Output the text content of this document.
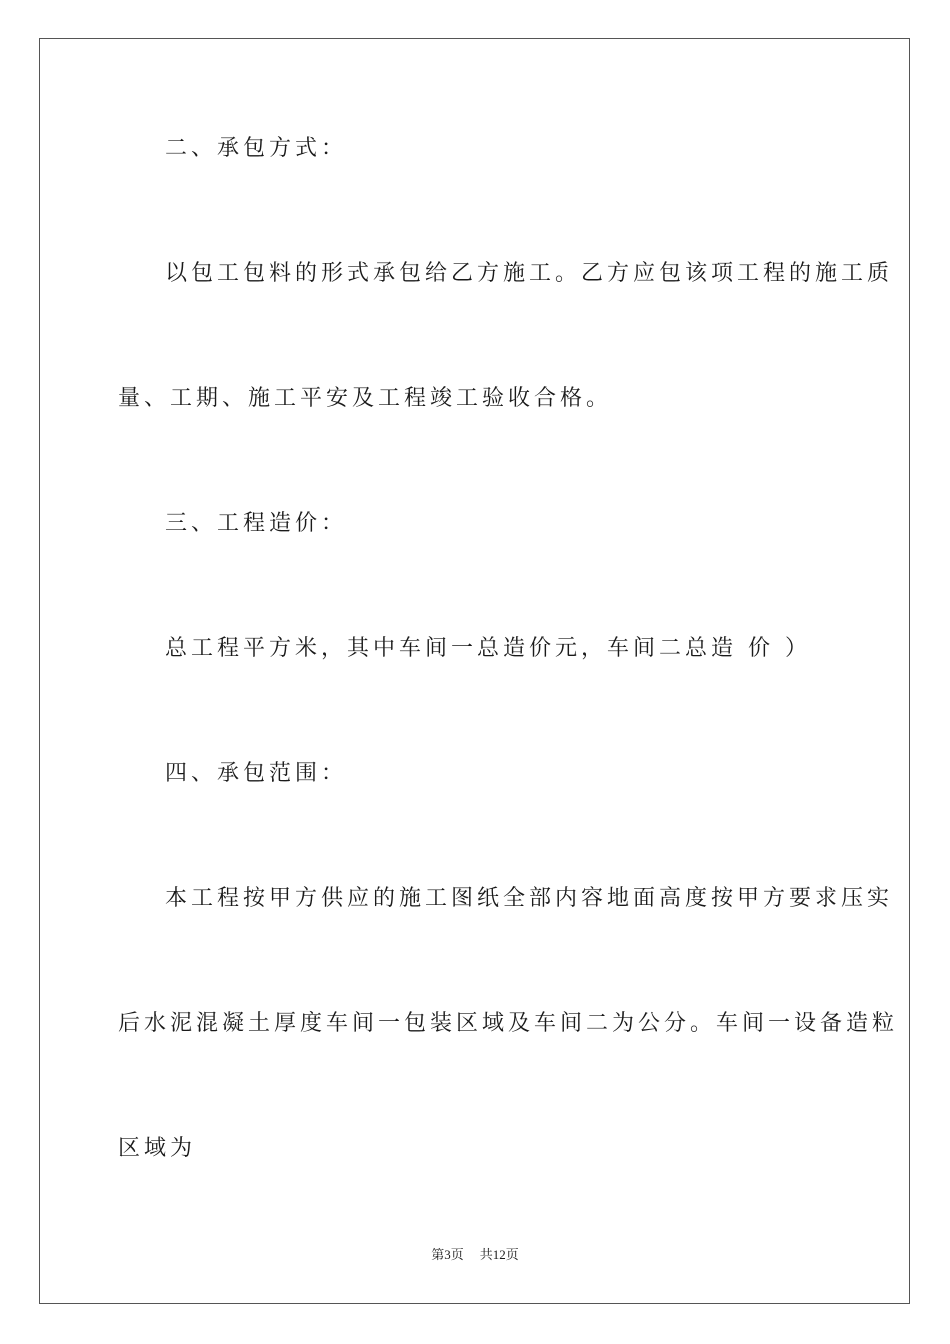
二、承包方式：
以包工包料的形式承包给乙方施工。乙方应包该项工程的施工质
量、工期、施工平安及工程竣工验收合格。
三、工程造价：
总工程平方米，其中车间一总造价元，车间二总造 价 ）
四、承包范围：
本工程按甲方供应的施工图纸全部内容地面高度按甲方要求压实
后水泥混凝土厚度车间一包装区域及车间二为公分。车间一设备造粒
区域为
第3页 共12页
